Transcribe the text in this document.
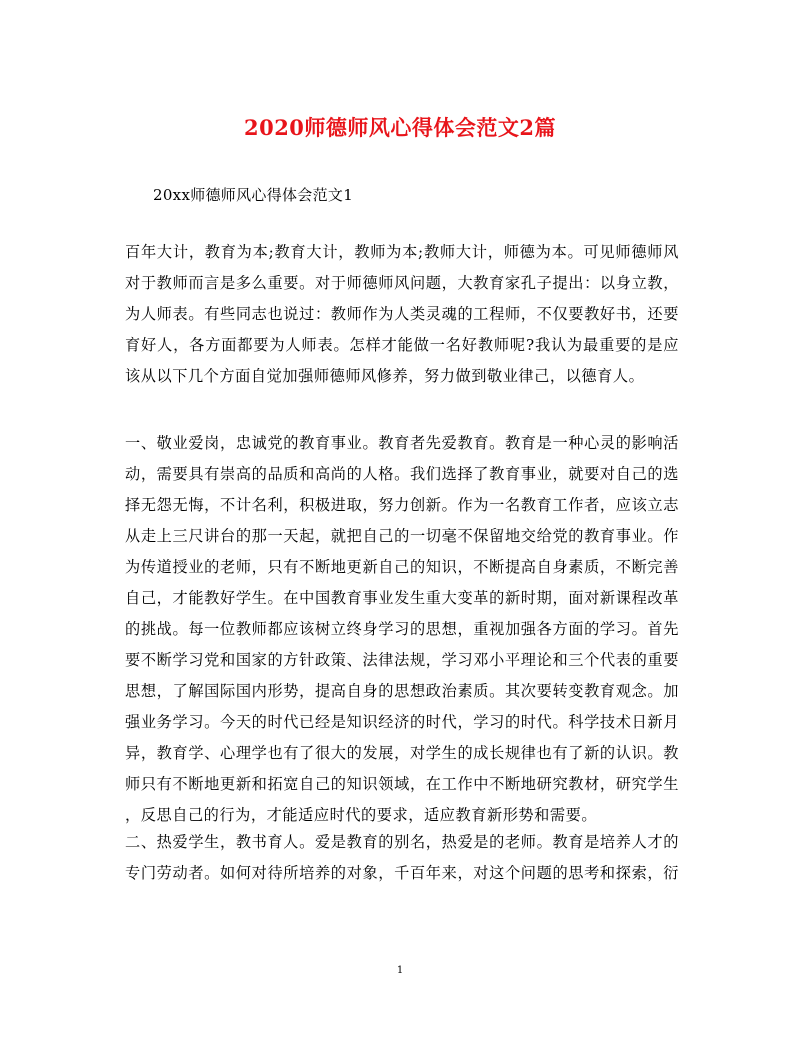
2020师德师风心得体会范文2篇
20xx师德师风心得体会范文1
百年大计，教育为本;教育大计，教师为本;教师大计，师德为本。可见师德师风
对于教师而言是多么重要。对于师德师风问题，大教育家孔子提出：以身立教，
为人师表。有些同志也说过：教师作为人类灵魂的工程师，不仅要教好书，还要
育好人，各方面都要为人师表。怎样才能做一名好教师呢?我认为最重要的是应
该从以下几个方面自觉加强师德师风修养，努力做到敬业律己，以德育人。
一、敬业爱岗，忠诚党的教育事业。教育者先爱教育。教育是一种心灵的影响活
动，需要具有崇高的品质和高尚的人格。我们选择了教育事业，就要对自己的选
择无怨无悔，不计名利，积极进取，努力创新。作为一名教育工作者，应该立志
从走上三尺讲台的那一天起，就把自己的一切毫不保留地交给党的教育事业。作
为传道授业的老师，只有不断地更新自己的知识，不断提高自身素质，不断完善
自己，才能教好学生。在中国教育事业发生重大变革的新时期，面对新课程改革
的挑战。每一位教师都应该树立终身学习的思想，重视加强各方面的学习。首先
要不断学习党和国家的方针政策、法律法规，学习邓小平理论和三个代表的重要
思想，了解国际国内形势，提高自身的思想政治素质。其次要转变教育观念。加
强业务学习。今天的时代已经是知识经济的时代，学习的时代。科学技术日新月
异，教育学、心理学也有了很大的发展，对学生的成长规律也有了新的认识。教
师只有不断地更新和拓宽自己的知识领域，在工作中不断地研究教材，研究学生
，反思自己的行为，才能适应时代的要求，适应教育新形势和需要。
二、热爱学生，教书育人。爱是教育的别名，热爱是的老师。教育是培养人才的
专门劳动者。如何对待所培养的对象，千百年来，对这个问题的思考和探索，衍
1
